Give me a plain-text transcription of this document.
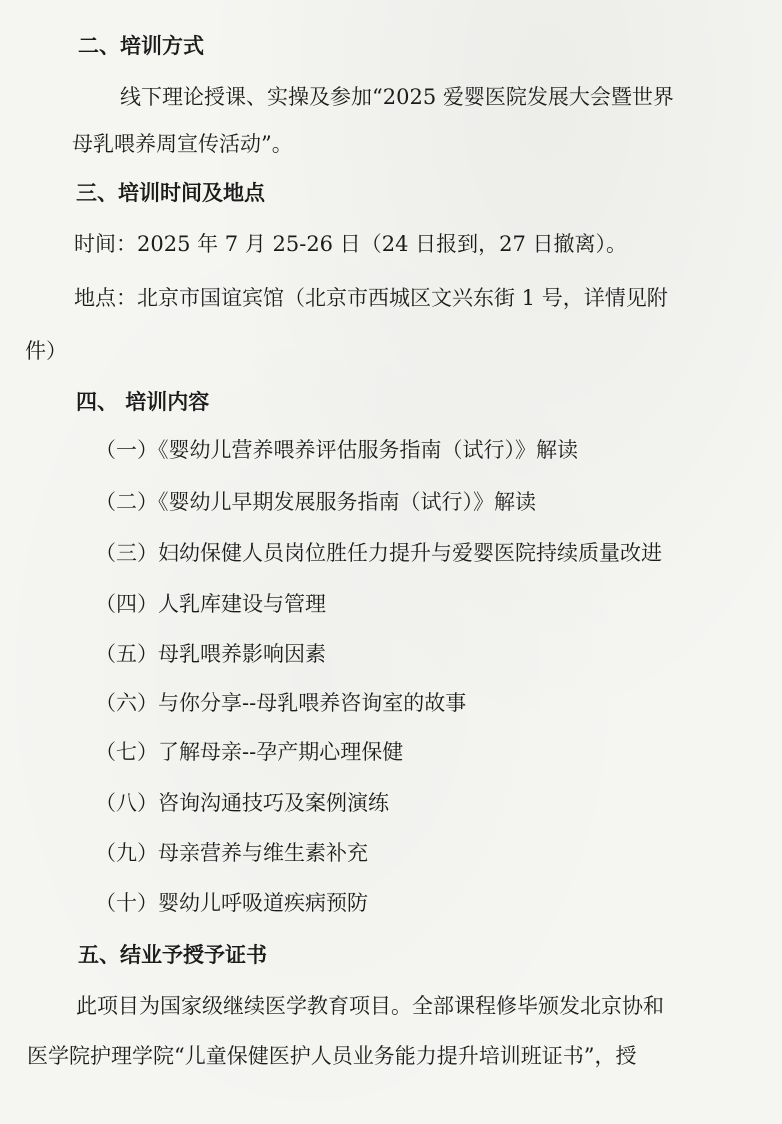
二、培训方式
线下理论授课、实操及参加“2025 爱婴医院发展大会暨世界
母乳喂养周宣传活动”。
三、培训时间及地点
时间：2025 年 7 月 25-26 日（24 日报到，27 日撤离）。
地点：北京市国谊宾馆（北京市西城区文兴东街 1 号，详情见附
件）
四、 培训内容
（一）《婴幼儿营养喂养评估服务指南（试行）》解读
（二）《婴幼儿早期发展服务指南（试行）》解读
（三）妇幼保健人员岗位胜任力提升与爱婴医院持续质量改进
（四）人乳库建设与管理
（五）母乳喂养影响因素
（六）与你分享--母乳喂养咨询室的故事
（七）了解母亲--孕产期心理保健
（八）咨询沟通技巧及案例演练
（九）母亲营养与维生素补充
（十）婴幼儿呼吸道疾病预防
五、结业予授予证书
此项目为国家级继续医学教育项目。全部课程修毕颁发北京协和
医学院护理学院“儿童保健医护人员业务能力提升培训班证书”，授
